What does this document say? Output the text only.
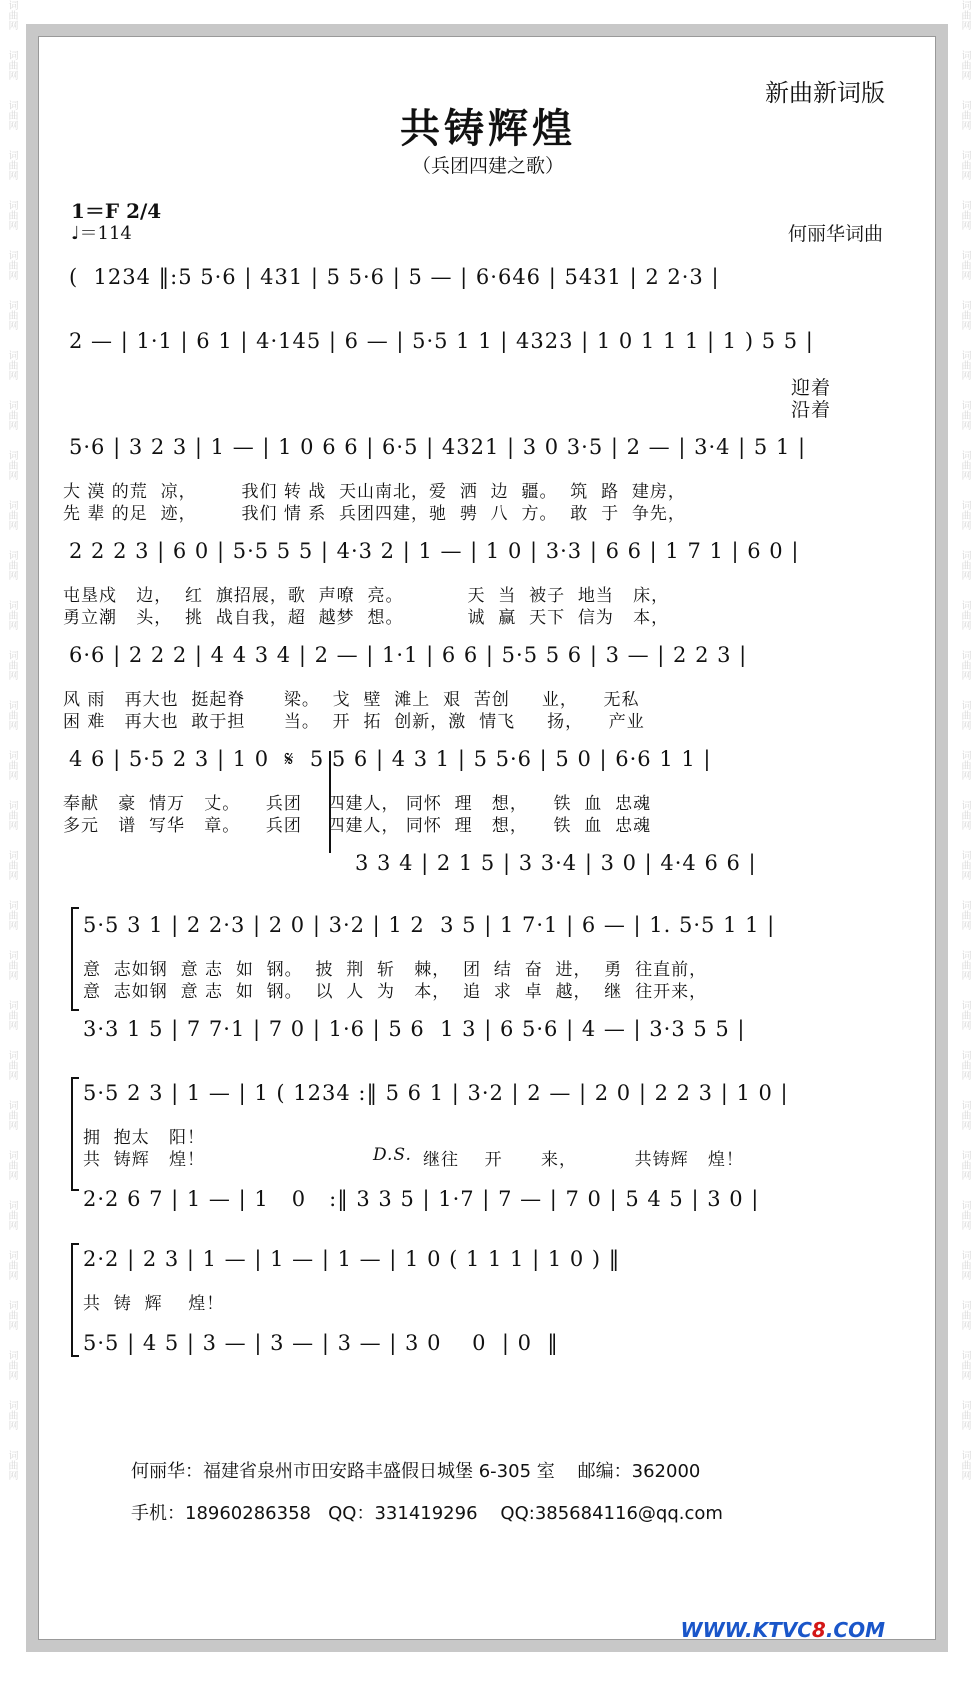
词曲网
词曲网
词曲网
词曲网
词曲网
词曲网
词曲网
词曲网
词曲网
词曲网
词曲网
词曲网
词曲网
词曲网
词曲网
词曲网
词曲网
词曲网
词曲网
词曲网
词曲网
词曲网
词曲网
词曲网
词曲网
词曲网
词曲网
词曲网
词曲网
词曲网
词曲网
词曲网
词曲网
词曲网
词曲网
词曲网
词曲网
词曲网
词曲网
词曲网
词曲网
词曲网
词曲网
词曲网
词曲网
词曲网
词曲网
词曲网
词曲网
词曲网
词曲网
词曲网
词曲网
词曲网
词曲网
词曲网
词曲网
词曲网
词曲网
词曲网
新曲新词版
共铸辉煌
（兵团四建之歌）
1＝F 2/4
♩＝114	何丽华词曲
(  1234 ‖:5 5·6 | 431 | 5 5·6 | 5 — | 6·646 | 5431 | 2 2·3 |
2 — | 1·1 | 6 1 | 4·145 | 6 — | 5·5 1 1 | 4323 | 1 0 1 1 1 | 1 ) 5 5 |
迎着
沿着
5·6 | 3 2 3 | 1 — | 1 0 6 6 | 6·5 | 4321 | 3 0 3·5 | 2 — | 3·4 | 5 1 |
大 漠 的荒  凉，       我们 转 战  天山南北，爱  洒  边  疆。  筑  路  建房，
先 辈 的足  迹，       我们 情 系  兵团四建，驰  骋  八  方。  敢  于  争先，
2 2 2 3 | 6 0 | 5·5 5 5 | 4·3 2 | 1 — | 1 0 | 3·3 | 6 6 | 1 7 1 | 6 0 |
屯垦戍   边，  红  旗招展，歌  声嘹  亮。          天  当  被子  地当   床，
勇立潮   头，  挑  战自我，超  越梦  想。          诚  赢  天下  信为   本，
6·6 | 2 2 2 | 4 4 3 4 | 2 — | 1·1 | 6 6 | 5·5 5 6 | 3 — | 2 2 3 |
风 雨   再大也  挺起脊      梁。  戈  壁  滩上  艰  苦创     业，    无私
困 难   再大也  敢于担      当。  开  拓  创新，激  情飞     扬，    产业
4 6 | 5·5 2 3 | 1 0  𝄋  5 5 6 | 4 3 1 | 5 5·6 | 5 0 | 6·6 1 1 |
奉献   豪  情万   丈。    兵团    四建人， 同怀  理   想，    铁  血  忠魂
多元   谱  写华   章。    兵团    四建人， 同怀  理   想，    铁  血  忠魂
3 3 4 | 2 1 5 | 3 3·4 | 3 0 | 4·4 6 6 |
5·5 3 1 | 2 2·3 | 2 0 | 3·2 | 1 2  3 5 | 1 7·1 | 6 — | 1. 5·5 1 1 |
意  志如钢  意 志  如  钢。  披  荆  斩   棘，  团  结  奋  进，  勇  往直前，
意  志如钢  意 志  如  钢。  以  人  为   本，  追  求  卓  越，  继  往开来，
3·3 1 5 | 7 7·1 | 7 0 | 1·6 | 5 6  1 3 | 6 5·6 | 4 — | 3·3 5 5 |
5·5 2 3 | 1 — | 1 ( 1234 :‖ 5 6 1 | 3·2 | 2 — | 2 0 | 2 2 3 | 1 0 |
拥  抱太   阳！
共  铸辉   煌！	D.S. 继往    开      来，         共铸辉   煌！
2·2 6 7 | 1 — | 1   0   :‖ 3 3 5 | 1·7 | 7 — | 7 0 | 5 4 5 | 3 0 |
2·2 | 2 3 | 1 — | 1 — | 1 — | 1 0 ( 1 1 1 | 1 0 ) ‖
共  铸  辉    煌！
5·5 | 4 5 | 3 — | 3 — | 3 — | 3 0    0  | 0  ‖
何丽华：福建省泉州市田安路丰盛假日城堡 6-305 室    邮编：362000
手机：18960286358   QQ：331419296    QQ:385684116@qq.com
WWW.KTVC8.COM
